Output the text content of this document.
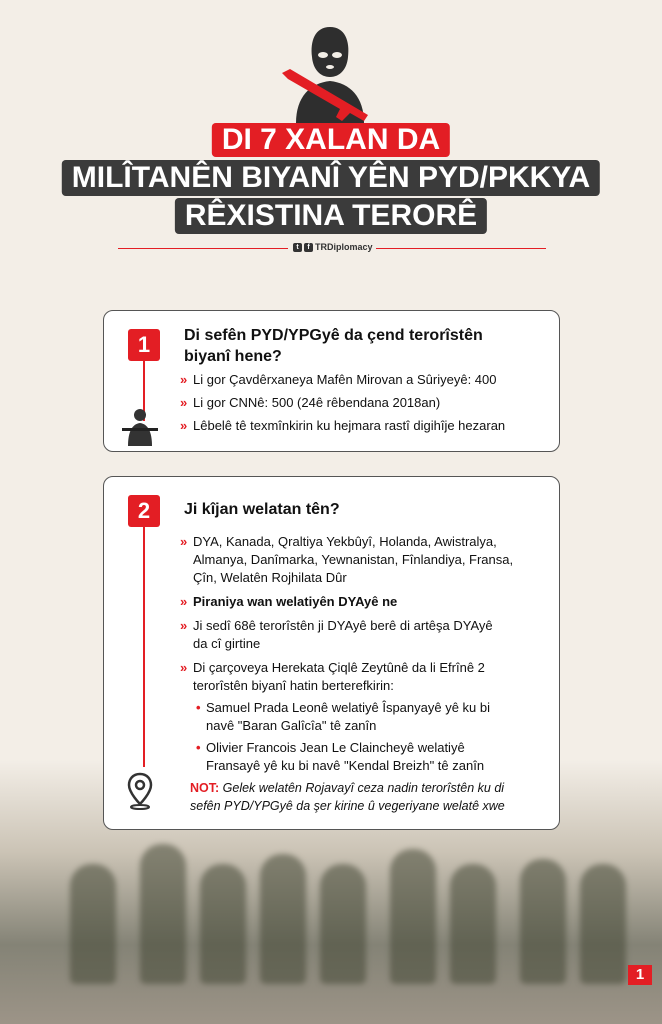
DI 7 XALAN DA
MILÎTANÊN BIYANÎ YÊN PYD/PKKYA
RÊXISTINA TERORÊ
t	f TRDiplomacy
1	Di sefên PYD/YPGyê da çend terorîstên
biyanî hene?
» Li gor Çavdêrxaneya Mafên Mirovan a Sûriyeyê: 400
» Li gor CNNê: 500 (24ê rêbendana 2018an)
» Lêbelê tê texmînkirin ku hejmara rastî digihîje hezaran
2	Ji kîjan welatan tên?
» DYA, Kanada, Qraltiya Yekbûyî, Holanda, Awistralya,
Almanya, Danîmarka, Yewnanistan, Fînlandiya, Fransa,
Çîn, Welatên Rojhilata Dûr
» Piraniya wan welatiyên DYAyê ne
» Ji sedî 68ê terorîstên ji DYAyê berê di artêşa DYAyê
da cî girtine
» Di çarçoveya Herekata Çiqlê Zeytûnê da li Efrînê 2
terorîstên biyanî hatin berterefkirin:
• Samuel Prada Leonê welatiyê Îspanyayê yê ku bi
navê "Baran Galîcîa" tê zanîn
• Olivier Francois Jean Le Claincheyê welatiyê
Fransayê yê ku bi navê "Kendal Breizh" tê zanîn
NOT: Gelek welatên Rojavayî ceza nadin terorîstên ku di
sefên PYD/YPGyê da şer kirine û vegeriyane welatê xwe
1
